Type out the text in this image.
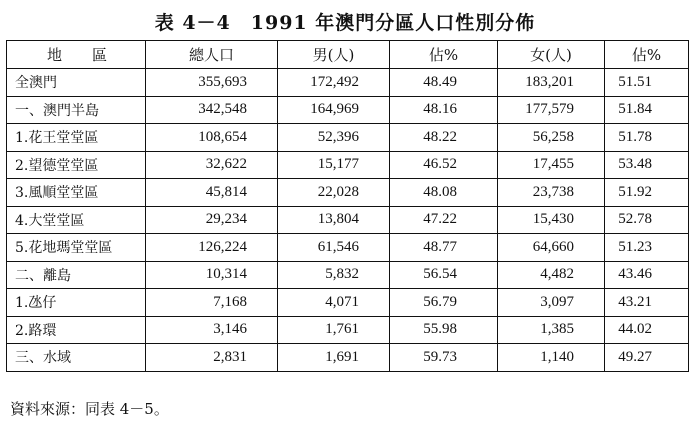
表 4－4　1991 年澳門分區人口性別分佈
地　　區	總人口	男(人)	佔%	女(人)	佔%
全澳門	355,693	172,492	48.49	183,201	51.51
一、澳門半島	342,548	164,969	48.16	177,579	51.84
1.花王堂堂區	108,654	52,396	48.22	56,258	51.78
2.望德堂堂區	32,622	15,177	46.52	17,455	53.48
3.風順堂堂區	45,814	22,028	48.08	23,738	51.92
4.大堂堂區	29,234	13,804	47.22	15,430	52.78
5.花地瑪堂堂區	126,224	61,546	48.77	64,660	51.23
二、離島	10,314	5,832	56.54	4,482	43.46
1.氹仔	7,168	4,071	56.79	3,097	43.21
2.路環	3,146	1,761	55.98	1,385	44.02
三、水域	2,831	1,691	59.73	1,140	49.27
資料來源：同表 4－5。
